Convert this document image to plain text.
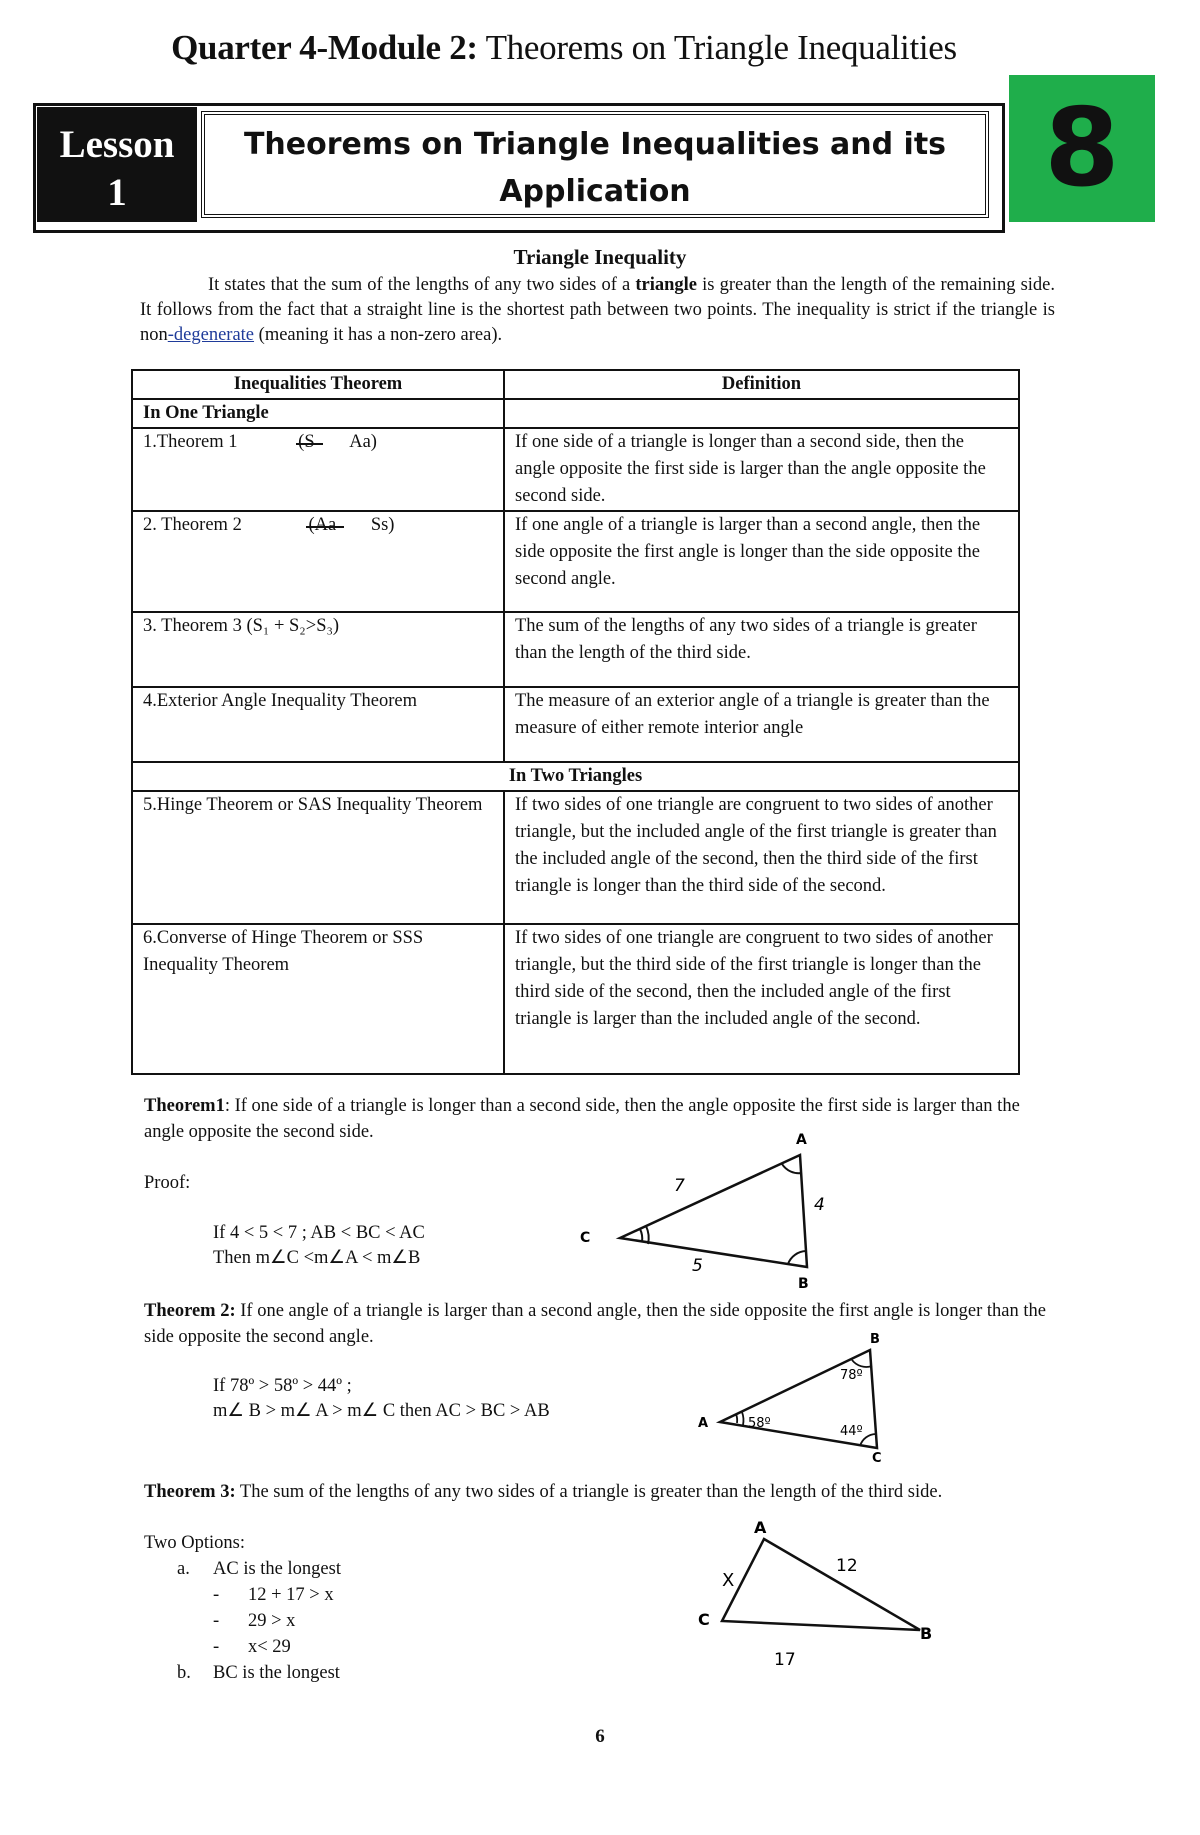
Quarter 4-Module 2: Theorems on Triangle Inequalities
Lesson
1
Theorems on Triangle Inequalities and its
Application	8
Triangle Inequality
It states that the sum of the lengths of any two sides of a triangle is greater than the length of the remaining side. It follows from the fact that a straight line is the shortest path between two points. The inequality is strict if the triangle is non-degenerate (meaning it has a non-zero area).
Inequalities Theorem	Definition
In One Triangle	
1.Theorem 1 (S Aa)	If one side of a triangle is longer than a second side, then the angle opposite the first side is larger than the angle opposite the second side.
2. Theorem 2 (Aa Ss)	If one angle of a triangle is larger than a second angle, then the side opposite the first angle is longer than the side opposite the second angle.
3. Theorem 3 (S₁ + S₂>S₃)	The sum of the lengths of any two sides of a triangle is greater than the length of the third side.
4.Exterior Angle Inequality Theorem	The measure of an exterior angle of a triangle is greater than the measure of either remote interior angle
In Two Triangles	
5.Hinge Theorem or SAS Inequality Theorem	If two sides of one triangle are congruent to two sides of another triangle, but the included angle of the first triangle is greater than the included angle of the second, then the third side of the first triangle is longer than the third side of the second.
6.Converse of Hinge Theorem or SSS Inequality Theorem	If two sides of one triangle are congruent to two sides of another triangle, but the third side of the first triangle is longer than the third side of the second, then the included angle of the first triangle is larger than the included angle of the second.
Theorem1: If one side of a triangle is longer than a second side, then the angle opposite the first side is larger than the angle opposite the second side.
Proof:
If 4 < 5 < 7 ; AB < BC < AC
Then m∠C <m∠A < m∠B
A
B
C
7
4
5
Theorem 2: If one angle of a triangle is larger than a second angle, then the side opposite the first angle is longer than the side opposite the second angle.
If 78º > 58º > 44º ;
m∠ B > m∠ A > m∠ C then AC > BC > AB
A
B
C
78º
58º
44º
Theorem 3: The sum of the lengths of any two sides of a triangle is greater than the length of the third side.
Two Options:
a. AC is the longest
- 12 + 17 > x
- 29 > x
- x< 29
b. BC is the longest
A
B
C
12
X
17
6
